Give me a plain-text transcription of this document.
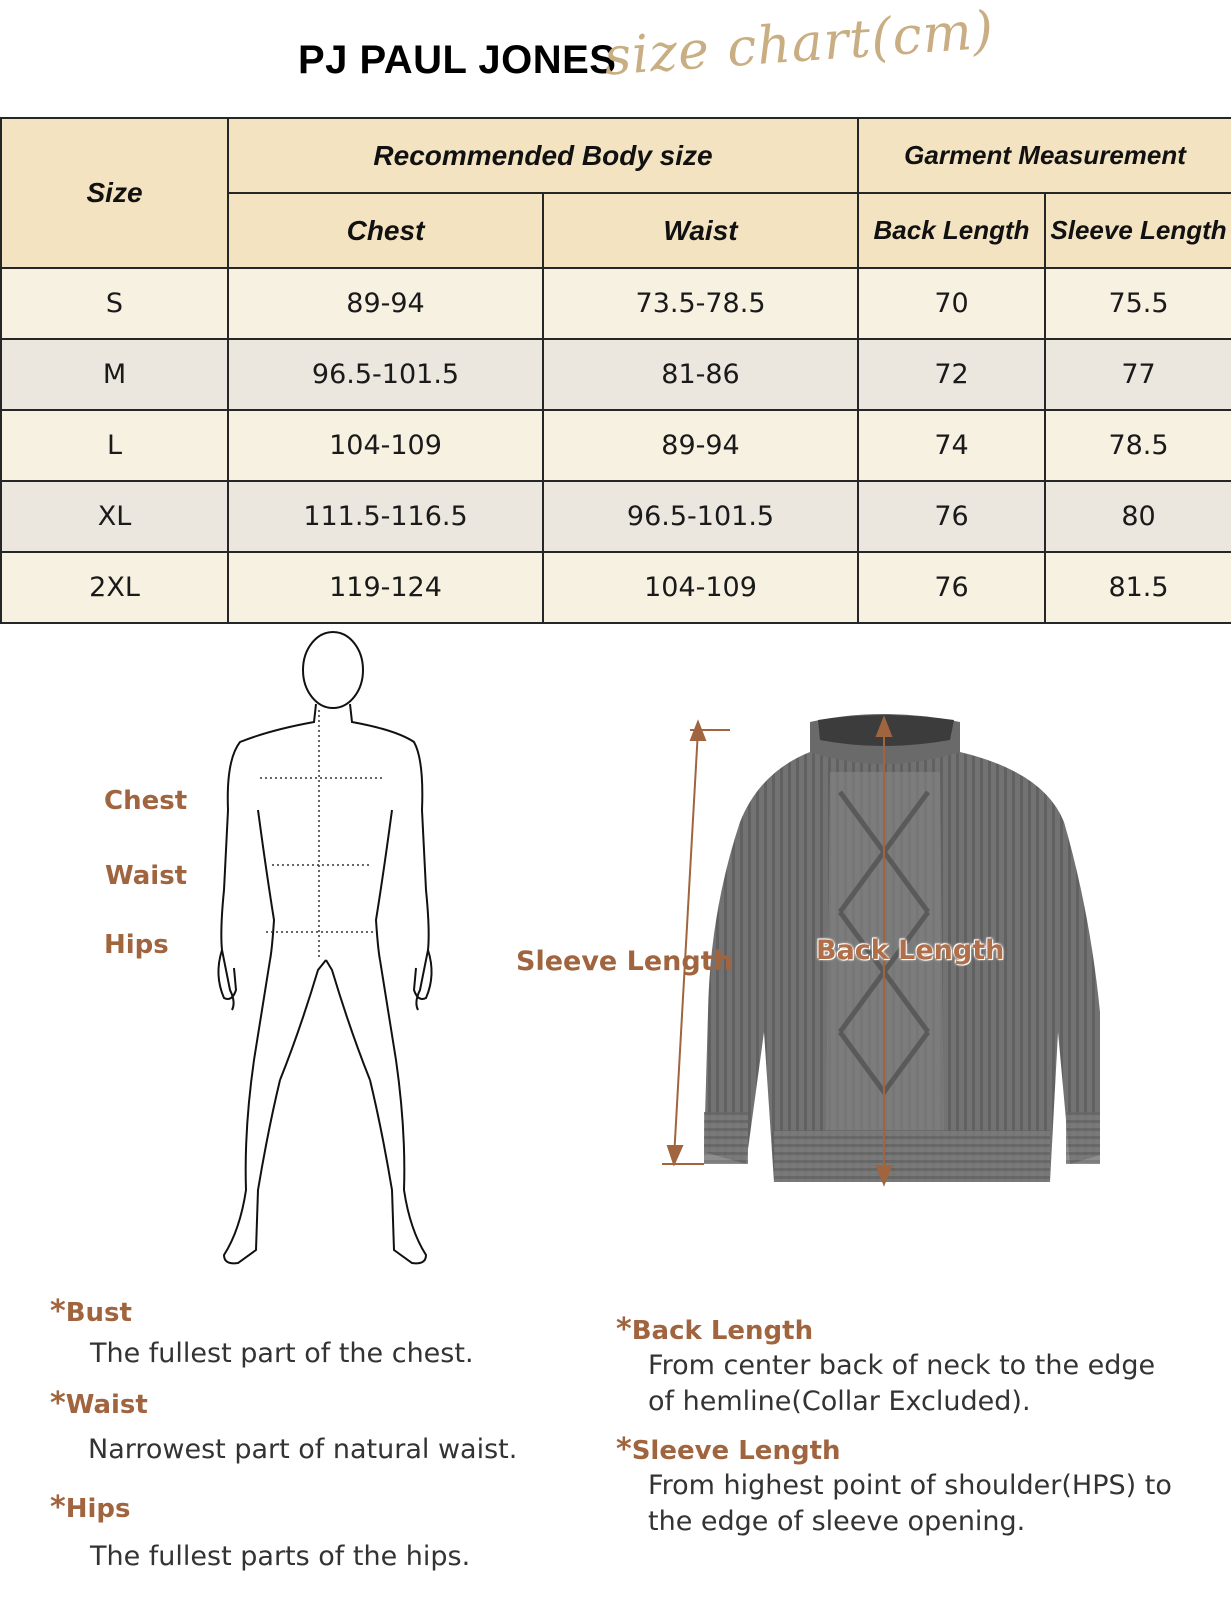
PJ PAUL JONES
size chart(cm)
Size	Recommended Body size		Garment Measurement	
	Chest	Waist	Back Length	Sleeve Length
S	89-94	73.5-78.5	70	75.5
M	96.5-101.5	81-86	72	77
L	104-109	89-94	74	78.5
XL	111.5-116.5	96.5-101.5	76	80
2XL	119-124	104-109	76	81.5
Chest
Waist
Hips
Sleeve Length	Back Length
*Bust
The fullest part of the chest.
*Waist
Narrowest part of natural waist.
*Hips
The fullest parts of the hips.
*Back Length
From center back of neck to the edge
of hemline(Collar Excluded).
*Sleeve Length
From highest point of shoulder(HPS) to
the edge of sleeve opening.
